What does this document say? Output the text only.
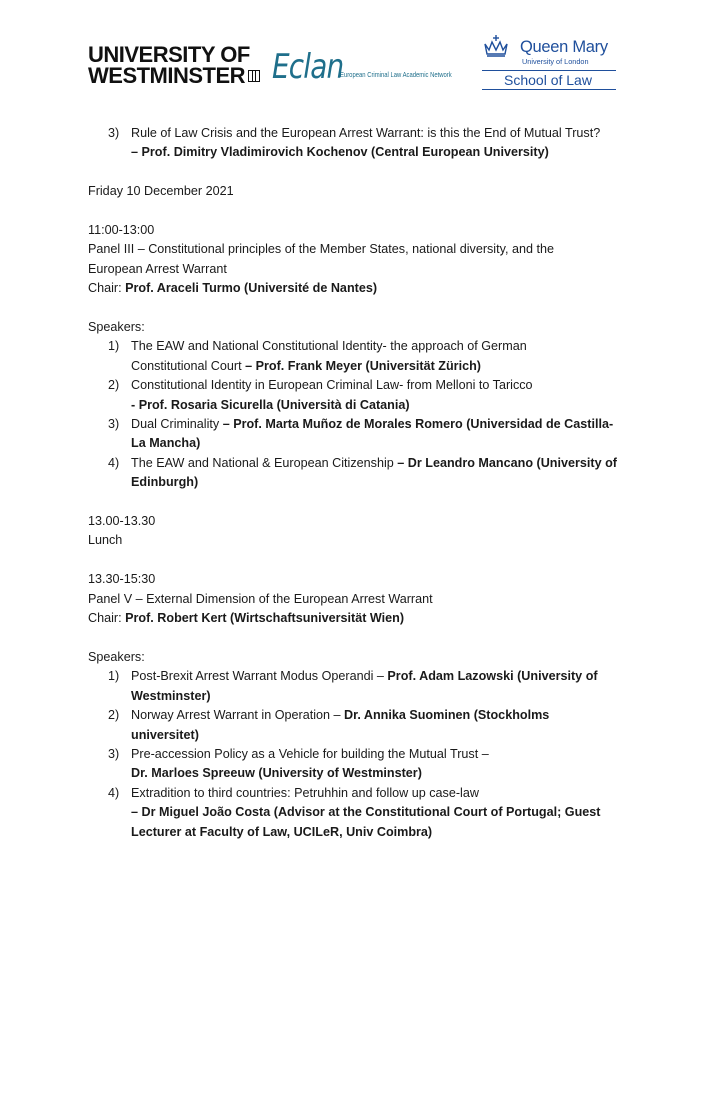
UNIVERSITY OF
WESTMINSTER Eclan
European Criminal Law Academic Network
Queen Mary
University of London
School of Law
3) Rule of Law Crisis and the European Arrest Warrant: is this the End of Mutual Trust?
– Prof. Dimitry Vladimirovich Kochenov (Central European University)

Friday 10 December 2021

11:00-13:00

Panel III – Constitutional principles of the Member States, national diversity, and the
European Arrest Warrant

Chair: Prof. Araceli Turmo (Université de Nantes)

Speakers:

1) The EAW and National Constitutional Identity- the approach of German
Constitutional Court – Prof. Frank Meyer (Universität Zürich)
2) Constitutional Identity in European Criminal Law- from Melloni to Taricco
- Prof. Rosaria Sicurella (Università di Catania)
3) Dual Criminality – Prof. Marta Muñoz de Morales Romero (Universidad de Castilla-
La Mancha)
4) The EAW and National & European Citizenship – Dr Leandro Mancano (University of
Edinburgh)

13.00-13.30

Lunch

13.30-15:30

Panel V – External Dimension of the European Arrest Warrant

Chair: Prof. Robert Kert (Wirtschaftsuniversität Wien)

Speakers:

1) Post-Brexit Arrest Warrant Modus Operandi – Prof. Adam Lazowski (University of
Westminster)
2) Norway Arrest Warrant in Operation – Dr. Annika Suominen (Stockholms
universitet)
3) Pre-accession Policy as a Vehicle for building the Mutual Trust –
Dr. Marloes Spreeuw (University of Westminster)
4) Extradition to third countries: Petruhhin and follow up case-law
– Dr Miguel João Costa (Advisor at the Constitutional Court of Portugal; Guest
Lecturer at Faculty of Law, UCILeR, Univ Coimbra)
